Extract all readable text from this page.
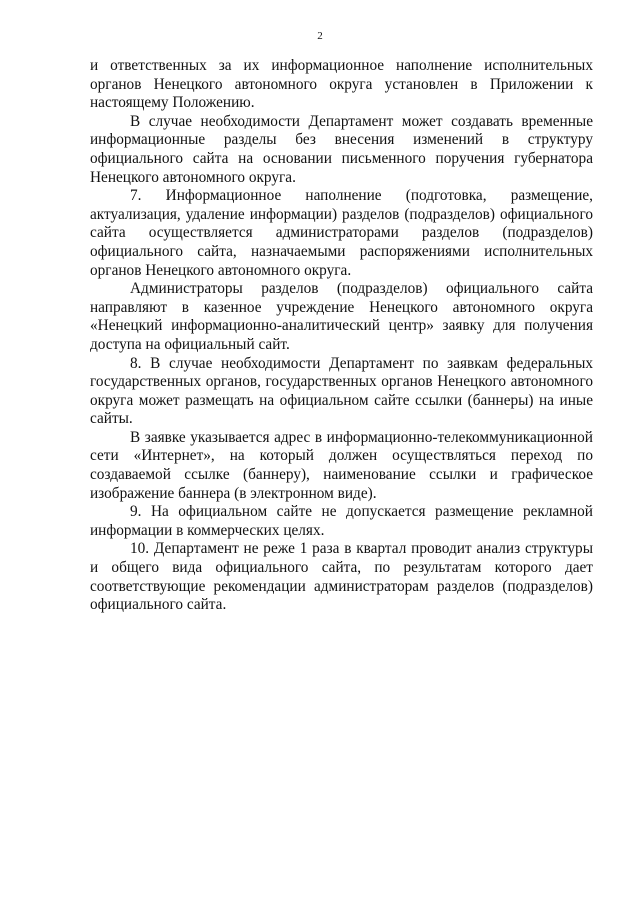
2

и ответственных за их информационное наполнение исполнительных органов Ненецкого автономного округа установлен в Приложении к настоящему Положению.

В случае необходимости Департамент может создавать временные информационные разделы без внесения изменений в структуру официального сайта на основании письменного поручения губернатора Ненецкого автономного округа.

7. Информационное наполнение (подготовка, размещение, актуализация, удаление информации) разделов (подразделов) официального сайта осуществляется администраторами разделов (подразделов) официального сайта, назначаемыми распоряжениями исполнительных органов Ненецкого автономного округа.

Администраторы разделов (подразделов) официального сайта направляют в казенное учреждение Ненецкого автономного округа «Ненецкий информационно-аналитический центр» заявку для получения доступа на официальный сайт.

8. В случае необходимости Департамент по заявкам федеральных государственных органов, государственных органов Ненецкого автономного округа может размещать на официальном сайте ссылки (баннеры) на иные сайты.

В заявке указывается адрес в информационно-телекоммуникационной сети «Интернет», на который должен осуществляться переход по создаваемой ссылке (баннеру), наименование ссылки и графическое изображение баннера (в электронном виде).

9. На официальном сайте не допускается размещение рекламной информации в коммерческих целях.

10. Департамент не реже 1 раза в квартал проводит анализ структуры и общего вида официального сайта, по результатам которого дает соответствующие рекомендации администраторам разделов (подразделов) официального сайта.
